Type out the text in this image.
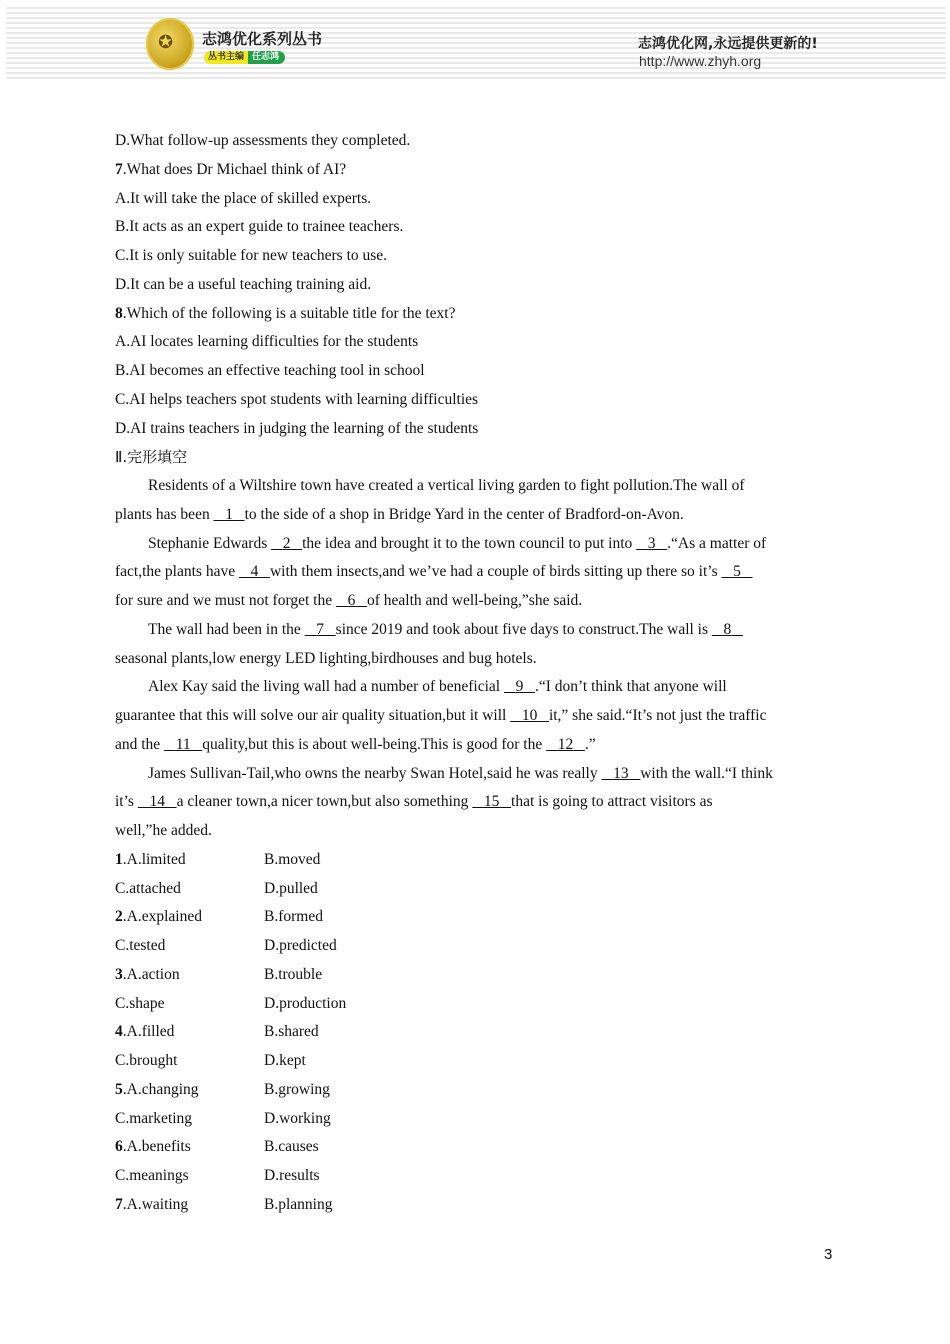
✪ 志鸿优化系列丛书
丛书主编 任志鸿
志鸿优化网,永远提供更新的!
http://www.zhyh.org
D.What follow-up assessments they completed.
7.What does Dr Michael think of AI?
A.It will take the place of skilled experts.
B.It acts as an expert guide to trainee teachers.
C.It is only suitable for new teachers to use.
D.It can be a useful teaching training aid.
8.Which of the following is a suitable title for the text?
A.AI locates learning difficulties for the students
B.AI becomes an effective teaching tool in school
C.AI helps teachers spot students with learning difficulties
D.AI trains teachers in judging the learning of the students
Ⅱ.完形填空
Residents of a Wiltshire town have created a vertical living garden to fight pollution.The wall of
plants has been    1 to the side of a shop in Bridge Yard in the center of Bradford-on-Avon.
Stephanie Edwards    2 the idea and brought it to the town council to put into    3 .“As a matter of
fact,the plants have    4 with them insects,and we’ve had a couple of birds sitting up there so it’s    5
for sure and we must not forget the    6 of health and well-being,”she said.
The wall had been in the    7 since 2019 and took about five days to construct.The wall is    8
seasonal plants,low energy LED lighting,birdhouses and bug hotels.
Alex Kay said the living wall had a number of beneficial    9 .“I don’t think that anyone will
guarantee that this will solve our air quality situation,but it will    10 it,” she said.“It’s not just the traffic
and the    11 quality,but this is about well-being.This is good for the    12 .”
James Sullivan-Tail,who owns the nearby Swan Hotel,said he was really    13 with the wall.“I think
it’s    14 a cleaner town,a nicer town,but also something    15 that is going to attract visitors as
well,”he added.
1.A.limited	B.moved
C.attached	D.pulled
2.A.explained	B.formed
C.tested	D.predicted
3.A.action	B.trouble
C.shape	D.production
4.A.filled	B.shared
C.brought	D.kept
5.A.changing	B.growing
C.marketing	D.working
6.A.benefits	B.causes
C.meanings	D.results
7.A.waiting	B.planning
3
